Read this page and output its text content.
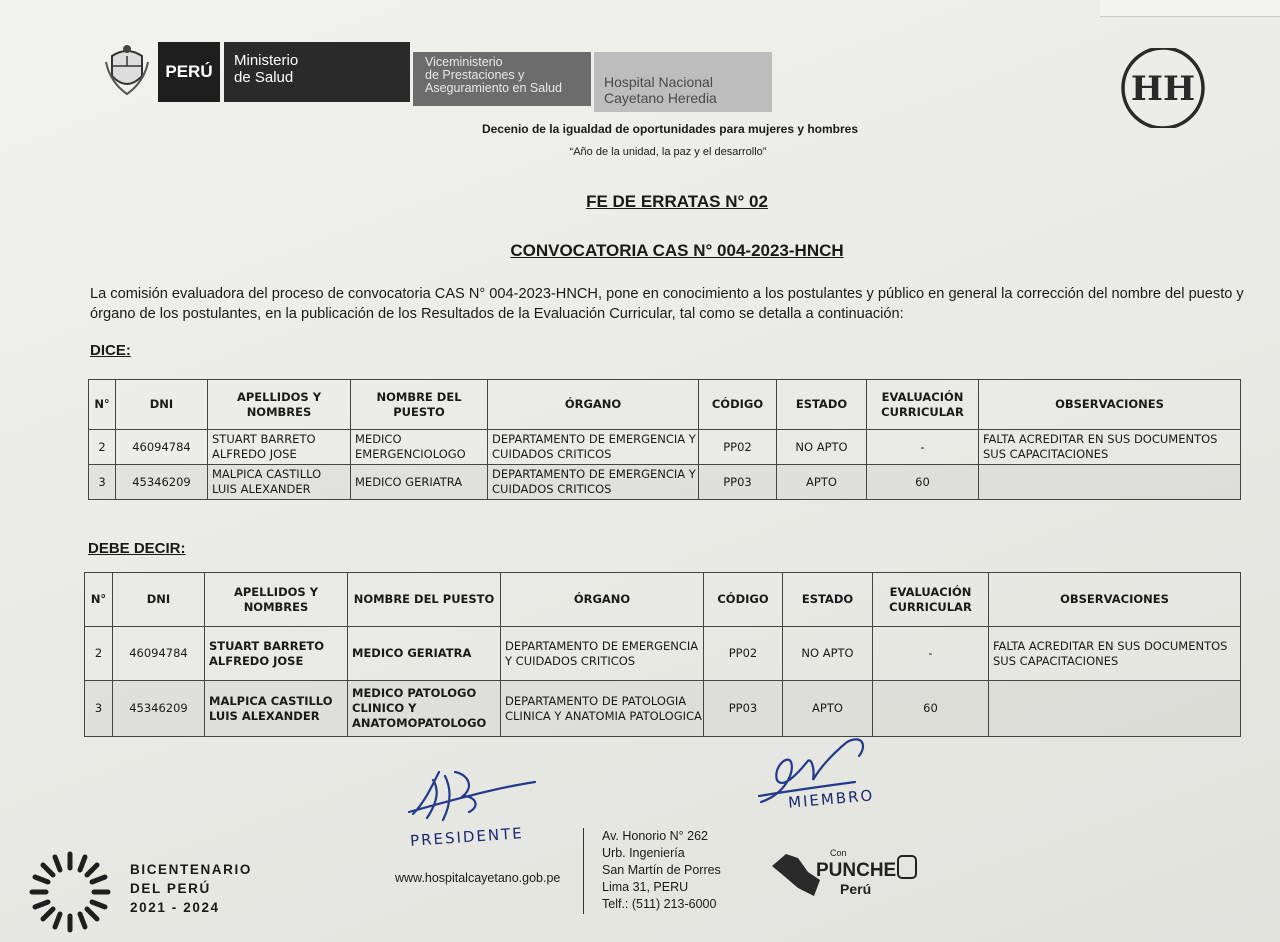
PERÚ
Ministerio
de Salud
Viceministerio
de Prestaciones y
Aseguramiento en Salud	Hospital Nacional
Cayetano Heredia	HH
Decenio de la igualdad de oportunidades para mujeres y hombres
“Año de la unidad, la paz y el desarrollo”
FE DE ERRATAS N° 02
CONVOCATORIA CAS N° 004-2023-HNCH
La comisión evaluadora del proceso de convocatoria CAS N° 004-2023-HNCH, pone en conocimiento a los postulantes y público en general la corrección del nombre del puesto y órgano de los postulantes, en la publicación de los Resultados de la Evaluación Curricular, tal como se detalla a continuación:
DICE:
N°	DNI	APELLIDOS Y NOMBRES	NOMBRE DEL PUESTO	ÓRGANO	CÓDIGO	ESTADO	EVALUACIÓN CURRICULAR	OBSERVACIONES
2	46094784	STUART BARRETO ALFREDO JOSE	MEDICO EMERGENCIOLOGO	DEPARTAMENTO DE EMERGENCIA Y CUIDADOS CRITICOS	PP02	NO APTO	-	FALTA ACREDITAR EN SUS DOCUMENTOS SUS CAPACITACIONES
3	45346209	MALPICA CASTILLO LUIS ALEXANDER	MEDICO GERIATRA	DEPARTAMENTO DE EMERGENCIA Y CUIDADOS CRITICOS	PP03	APTO	60	
DEBE DECIR:
N°	DNI	APELLIDOS Y NOMBRES	NOMBRE DEL PUESTO	ÓRGANO	CÓDIGO	ESTADO	EVALUACIÓN CURRICULAR	OBSERVACIONES
2	46094784	STUART BARRETO ALFREDO JOSE	MEDICO GERIATRA	DEPARTAMENTO DE EMERGENCIA Y CUIDADOS CRITICOS	PP02	NO APTO	-	FALTA ACREDITAR EN SUS DOCUMENTOS SUS CAPACITACIONES
3	45346209	MALPICA CASTILLO LUIS ALEXANDER	MEDICO PATOLOGO CLINICO Y ANATOMOPATOLOGO	DEPARTAMENTO DE PATOLOGIA CLINICA Y ANATOMIA PATOLOGICA	PP03	APTO	60	
PRESIDENTE
MIEMBRO
BICENTENARIO
DEL PERÚ
2021 - 2024
www.hospitalcayetano.gob.pe
Av. Honorio N° 262
Urb. Ingeniería
San Martín de Porres
Lima 31, PERU
Telf.: (511) 213-6000
Con
PUNCHE
Perú
